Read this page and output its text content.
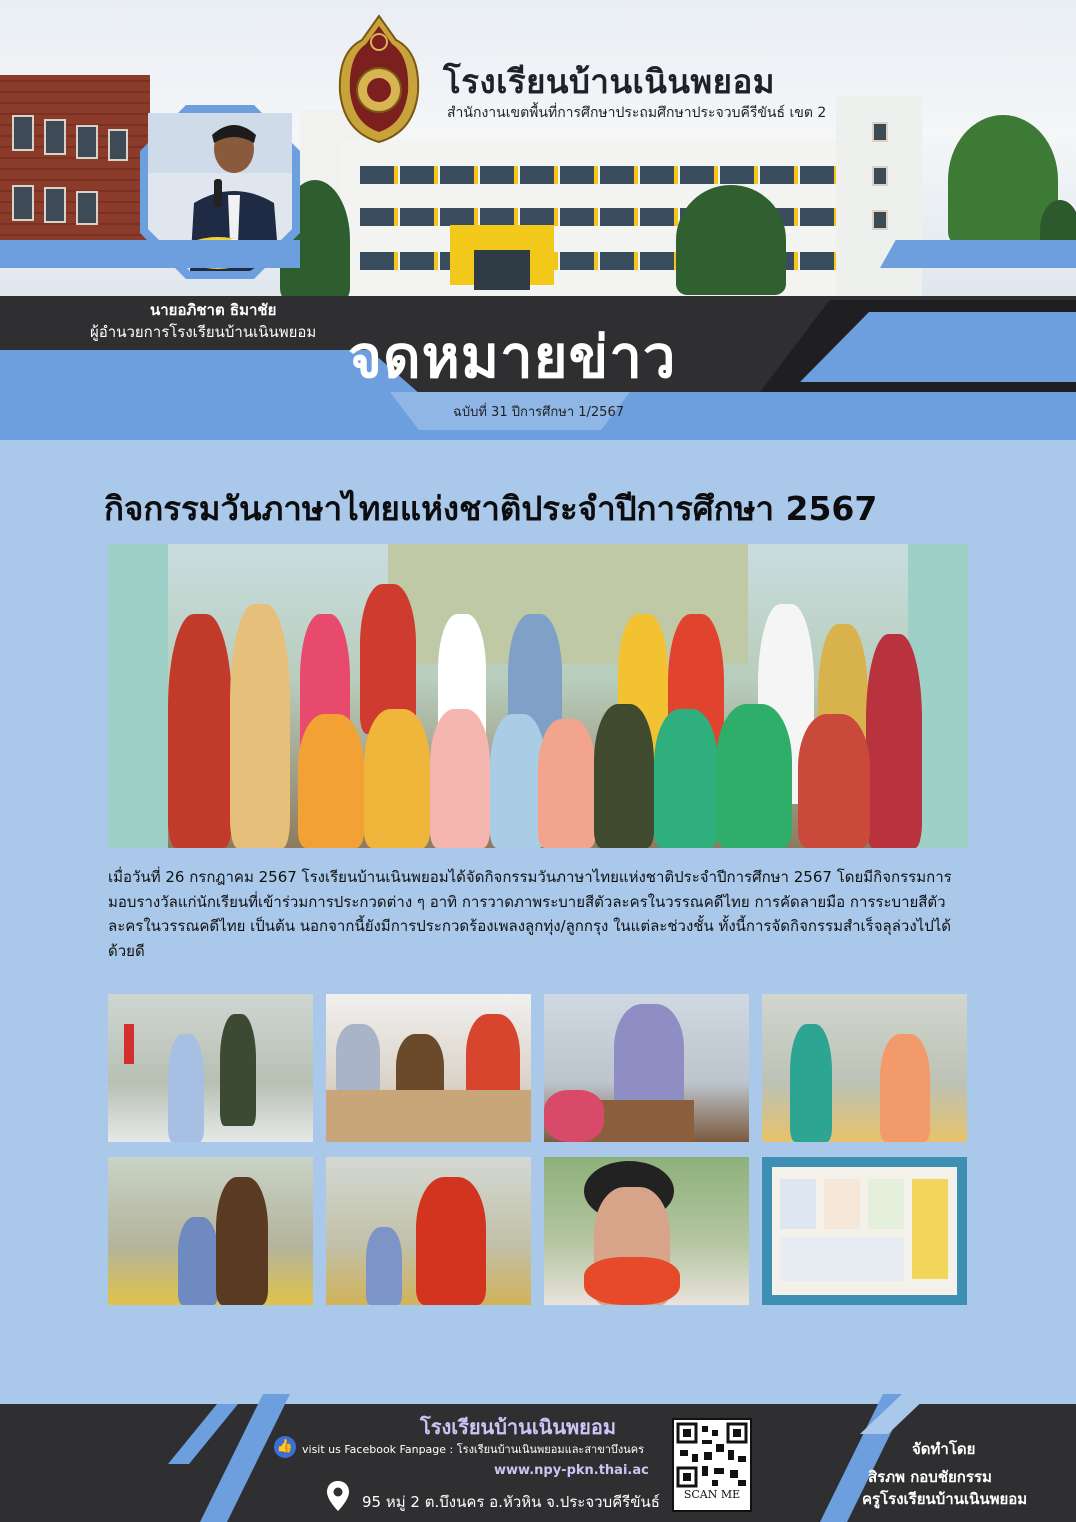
โรงเรียนบ้านเนินพยอม

สำนักงานเขตพื้นที่การศึกษาประถมศึกษาประจวบคีรีขันธ์ เขต 2

นายอภิชาต ธิมาชัย

ผู้อำนวยการโรงเรียนบ้านเนินพยอม จดหมายข่าว

ฉบับที่ 31 ปีการศึกษา 1/2567

กิจกรรมวันภาษาไทยแห่งชาติประจำปีการศึกษา 2567

เมื่อวันที่ 26 กรกฎาคม 2567 โรงเรียนบ้านเนินพยอมได้จัดกิจกรรมวันภาษาไทยแห่งชาติประจำปีการศึกษา 2567 โดยมีกิจกรรมการมอบรางวัลแก่นักเรียนที่เข้าร่วมการประกวดต่าง ๆ อาทิ การวาดภาพระบายสีตัวละครในวรรณคดีไทย การคัดลายมือ การระบายสีตัวละครในวรรณคดีไทย เป็นต้น นอกจากนี้ยังมีการประกวดร้องเพลงลูกทุ่ง/ลูกกรุง ในแต่ละช่วงชั้น ทั้งนี้การจัดกิจกรรมสำเร็จลุล่วงไปได้ด้วยดี

โรงเรียนบ้านเนินพยอม

👍 visit us Facebook Fanpage : โรงเรียนบ้านเนินพยอมและสาขาบึงนคร

www.npy-pkn.thai.ac

95 หมู่ 2 ต.บึงนคร อ.หัวหิน จ.ประจวบคีรีขันธ์	SCAN ME

จัดทำโดย

สิรภพ กอบชัยกรรม

ครูโรงเรียนบ้านเนินพยอม
